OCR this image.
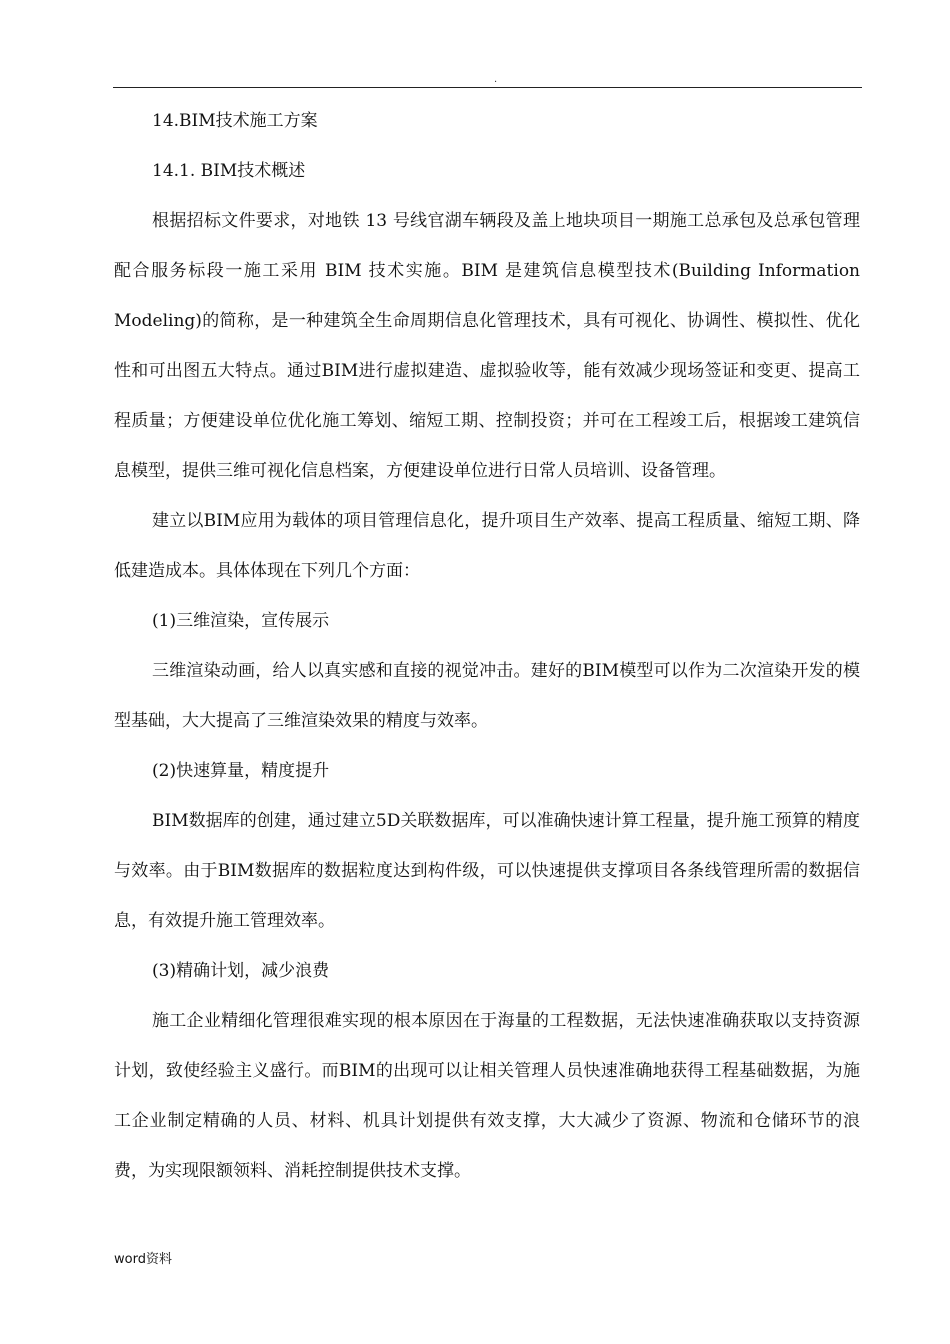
.

14.BIM技术施工方案

14.1. BIM技术概述

根据招标文件要求，对地铁 13 号线官湖车辆段及盖上地块项目一期施工总承包及总承包管理配合服务标段一施工采用 BIM 技术实施。BIM 是建筑信息模型技术(Building Information Modeling)的简称，是一种建筑全生命周期信息化管理技术，具有可视化、协调性、模拟性、优化性和可出图五大特点。通过BIM进行虚拟建造、虚拟验收等，能有效减少现场签证和变更、提高工程质量；方便建设单位优化施工筹划、缩短工期、控制投资；并可在工程竣工后，根据竣工建筑信息模型，提供三维可视化信息档案，方便建设单位进行日常人员培训、设备管理。

建立以BIM应用为载体的项目管理信息化，提升项目生产效率、提高工程质量、缩短工期、降低建造成本。具体体现在下列几个方面：

(1)三维渲染，宣传展示

三维渲染动画，给人以真实感和直接的视觉冲击。建好的BIM模型可以作为二次渲染开发的模型基础，大大提高了三维渲染效果的精度与效率。

(2)快速算量，精度提升

BIM数据库的创建，通过建立5D关联数据库，可以准确快速计算工程量，提升施工预算的精度与效率。由于BIM数据库的数据粒度达到构件级，可以快速提供支撑项目各条线管理所需的数据信息，有效提升施工管理效率。

(3)精确计划，减少浪费

施工企业精细化管理很难实现的根本原因在于海量的工程数据，无法快速准确获取以支持资源计划，致使经验主义盛行。而BIM的出现可以让相关管理人员快速准确地获得工程基础数据，为施工企业制定精确的人员、材料、机具计划提供有效支撑，大大减少了资源、物流和仓储环节的浪费，为实现限额领料、消耗控制提供技术支撑。

word资料
